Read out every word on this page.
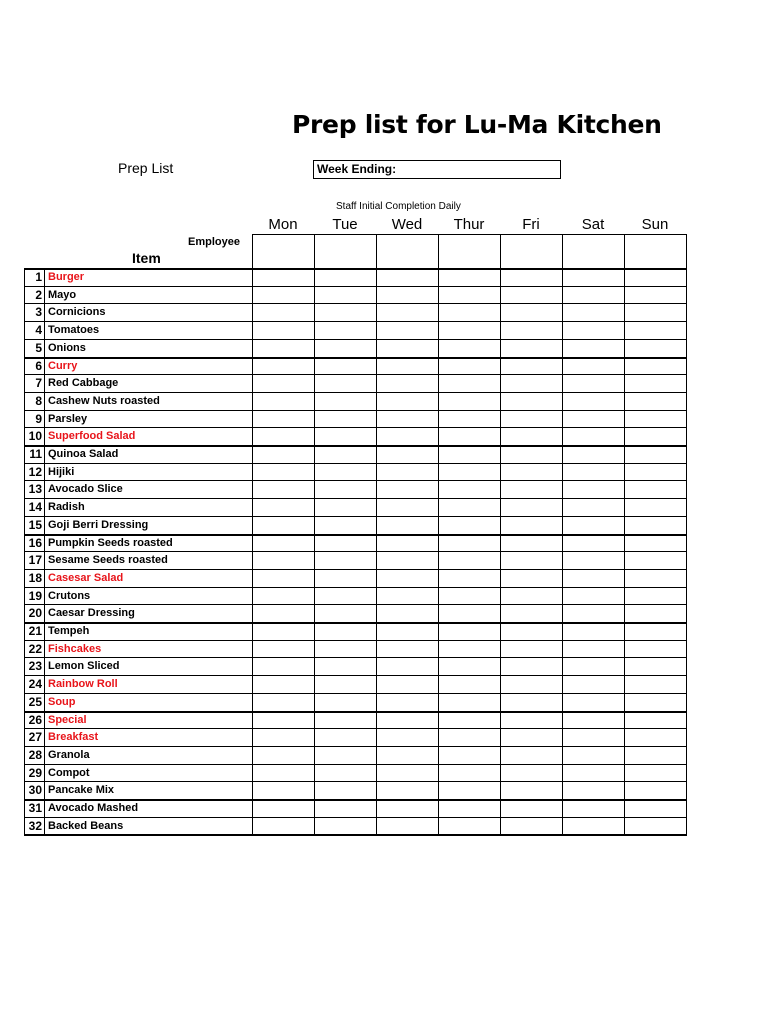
Prep list for Lu-Ma Kitchen
Prep List	Week Ending:
Staff Initial Completion Daily
Employee
Item
Mon	Tue	Wed	Thur	Fri	Sat	Sun
1 Burger
2 Mayo
3 Cornicions
4 Tomatoes
5 Onions
6 Curry
7 Red Cabbage
8 Cashew Nuts roasted
9 Parsley
10 Superfood Salad
11 Quinoa Salad
12 Hijiki
13 Avocado Slice
14 Radish
15 Goji Berri Dressing
16 Pumpkin Seeds roasted
17 Sesame Seeds roasted
18 Casesar Salad
19 Crutons
20 Caesar Dressing
21 Tempeh
22 Fishcakes
23 Lemon Sliced
24 Rainbow Roll
25 Soup
26 Special
27 Breakfast
28 Granola
29 Compot
30 Pancake Mix
31 Avocado Mashed
32 Backed Beans
